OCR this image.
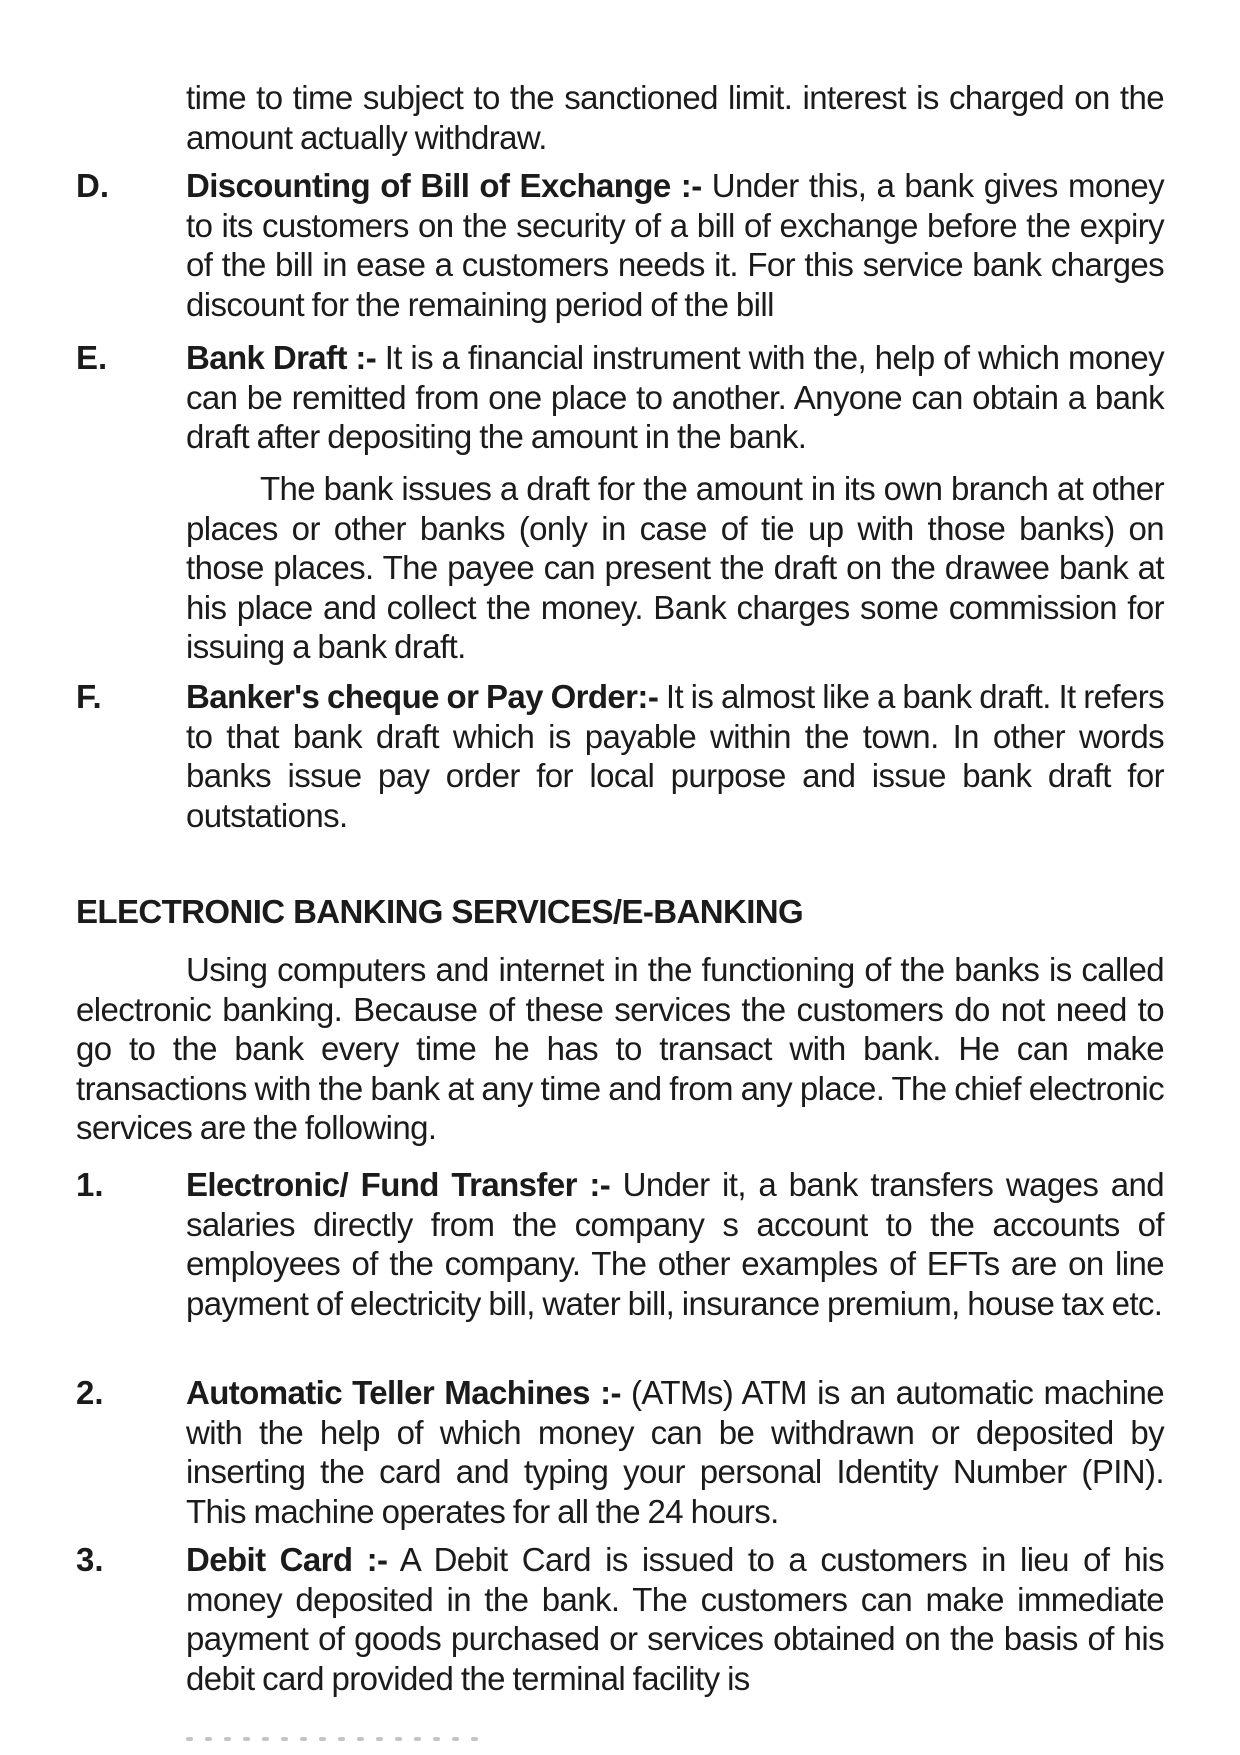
time to time subject to the sanctioned limit. interest is charged on the amount actually withdraw.

D. Discounting of Bill of Exchange :- Under this, a bank gives money to its customers on the security of a bill of exchange before the expiry of the bill in ease a customers needs it. For this service bank charges discount for the remaining period of the bill

E. Bank Draft :- It is a financial instrument with the, help of which money can be remitted from one place to another. Anyone can obtain a bank draft after depositing the amount in the bank.

The bank issues a draft for the amount in its own branch at other places or other banks (only in case of tie up with those banks) on those places. The payee can present the draft on the drawee bank at his place and collect the money. Bank charges some commission for issuing a bank draft.

F.	Banker's cheque or Pay Order:- It is almost like a bank draft. It refers to that bank draft which is payable within the town. In other words banks issue pay order for local purpose and issue bank draft for outstations.

ELECTRONIC BANKING SERVICES/E-BANKING

Using computers and internet in the functioning of the banks is called electronic banking. Because of these services the customers do not need to go to the bank every time he has to transact with bank. He can make transactions with the bank at any time and from any place. The chief electronic services are the following.

1. Electronic/ Fund Transfer :- Under it, a bank transfers wages and salaries directly from the company s account to the accounts of employees of the company. The other examples of EFTs are on line payment of electricity bill, water bill, insurance premium, house tax etc.

2. Automatic Teller Machines :- (ATMs) ATM is an automatic machine with the help of which money can be withdrawn or deposited by inserting the card and typing your personal Identity Number (PIN). This machine operates for all the 24 hours.

3. Debit Card :- A Debit Card is issued to a customers in lieu of his money deposited in the bank. The customers can make immediate payment of goods purchased or services obtained on the basis of his debit card provided the terminal facility is
